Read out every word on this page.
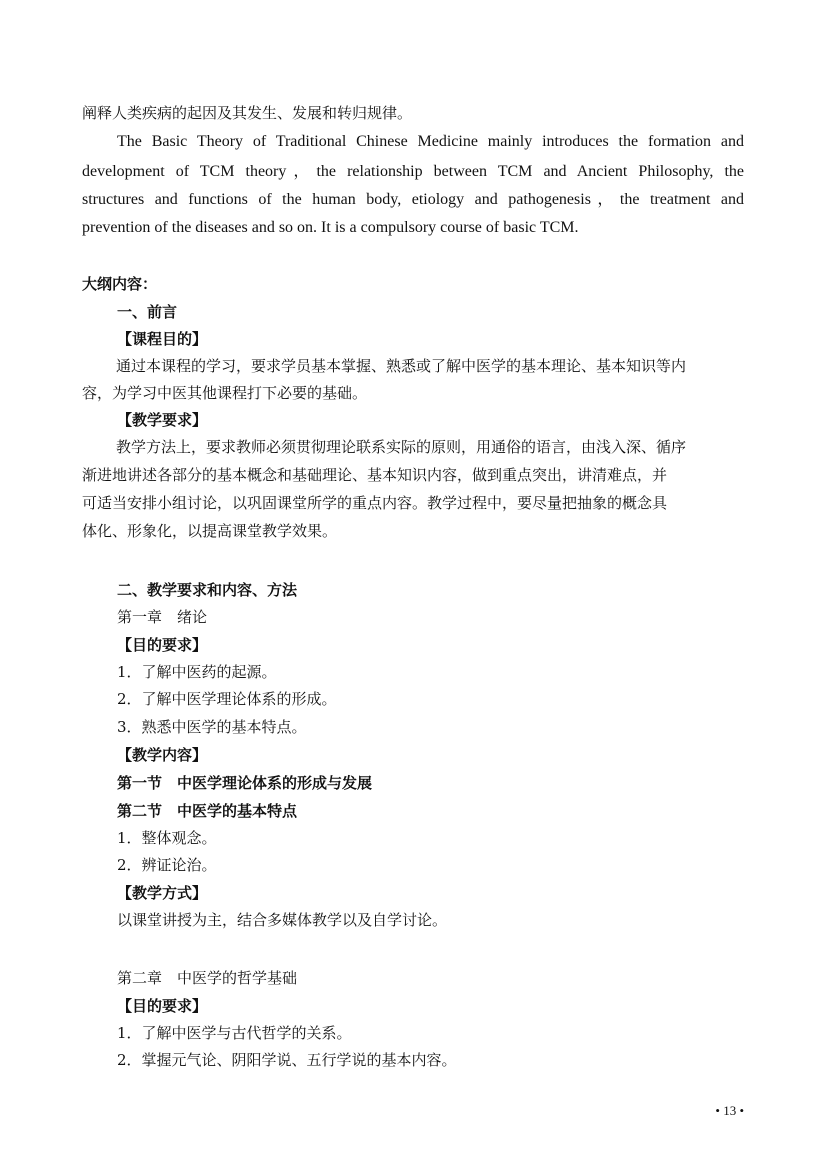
阐释人类疾病的起因及其发生、发展和转归规律。
The Basic Theory of Traditional Chinese Medicine mainly introduces the formation and
development of TCM theory，the relationship between TCM and Ancient Philosophy, the
structures and functions of the human body, etiology and pathogenesis，the treatment and
prevention of the diseases and so on. It is a compulsory course of basic TCM.
大纲内容：
一、前言
【课程目的】
通过本课程的学习，要求学员基本掌握、熟悉或了解中医学的基本理论、基本知识等内
容，为学习中医其他课程打下必要的基础。
【教学要求】
教学方法上，要求教师必须贯彻理论联系实际的原则，用通俗的语言，由浅入深、循序
渐进地讲述各部分的基本概念和基础理论、基本知识内容，做到重点突出，讲清难点，并
可适当安排小组讨论，以巩固课堂所学的重点内容。教学过程中，要尽量把抽象的概念具
体化、形象化，以提高课堂教学效果。
二、教学要求和内容、方法
第一章　绪论
【目的要求】
1．了解中医药的起源。
2．了解中医学理论体系的形成。
3．熟悉中医学的基本特点。
【教学内容】
第一节　中医学理论体系的形成与发展
第二节　中医学的基本特点
1．整体观念。
2．辨证论治。
【教学方式】
以课堂讲授为主，结合多媒体教学以及自学讨论。
第二章　中医学的哲学基础
【目的要求】
1．了解中医学与古代哲学的关系。
2．掌握元气论、阴阳学说、五行学说的基本内容。
• 13 •
